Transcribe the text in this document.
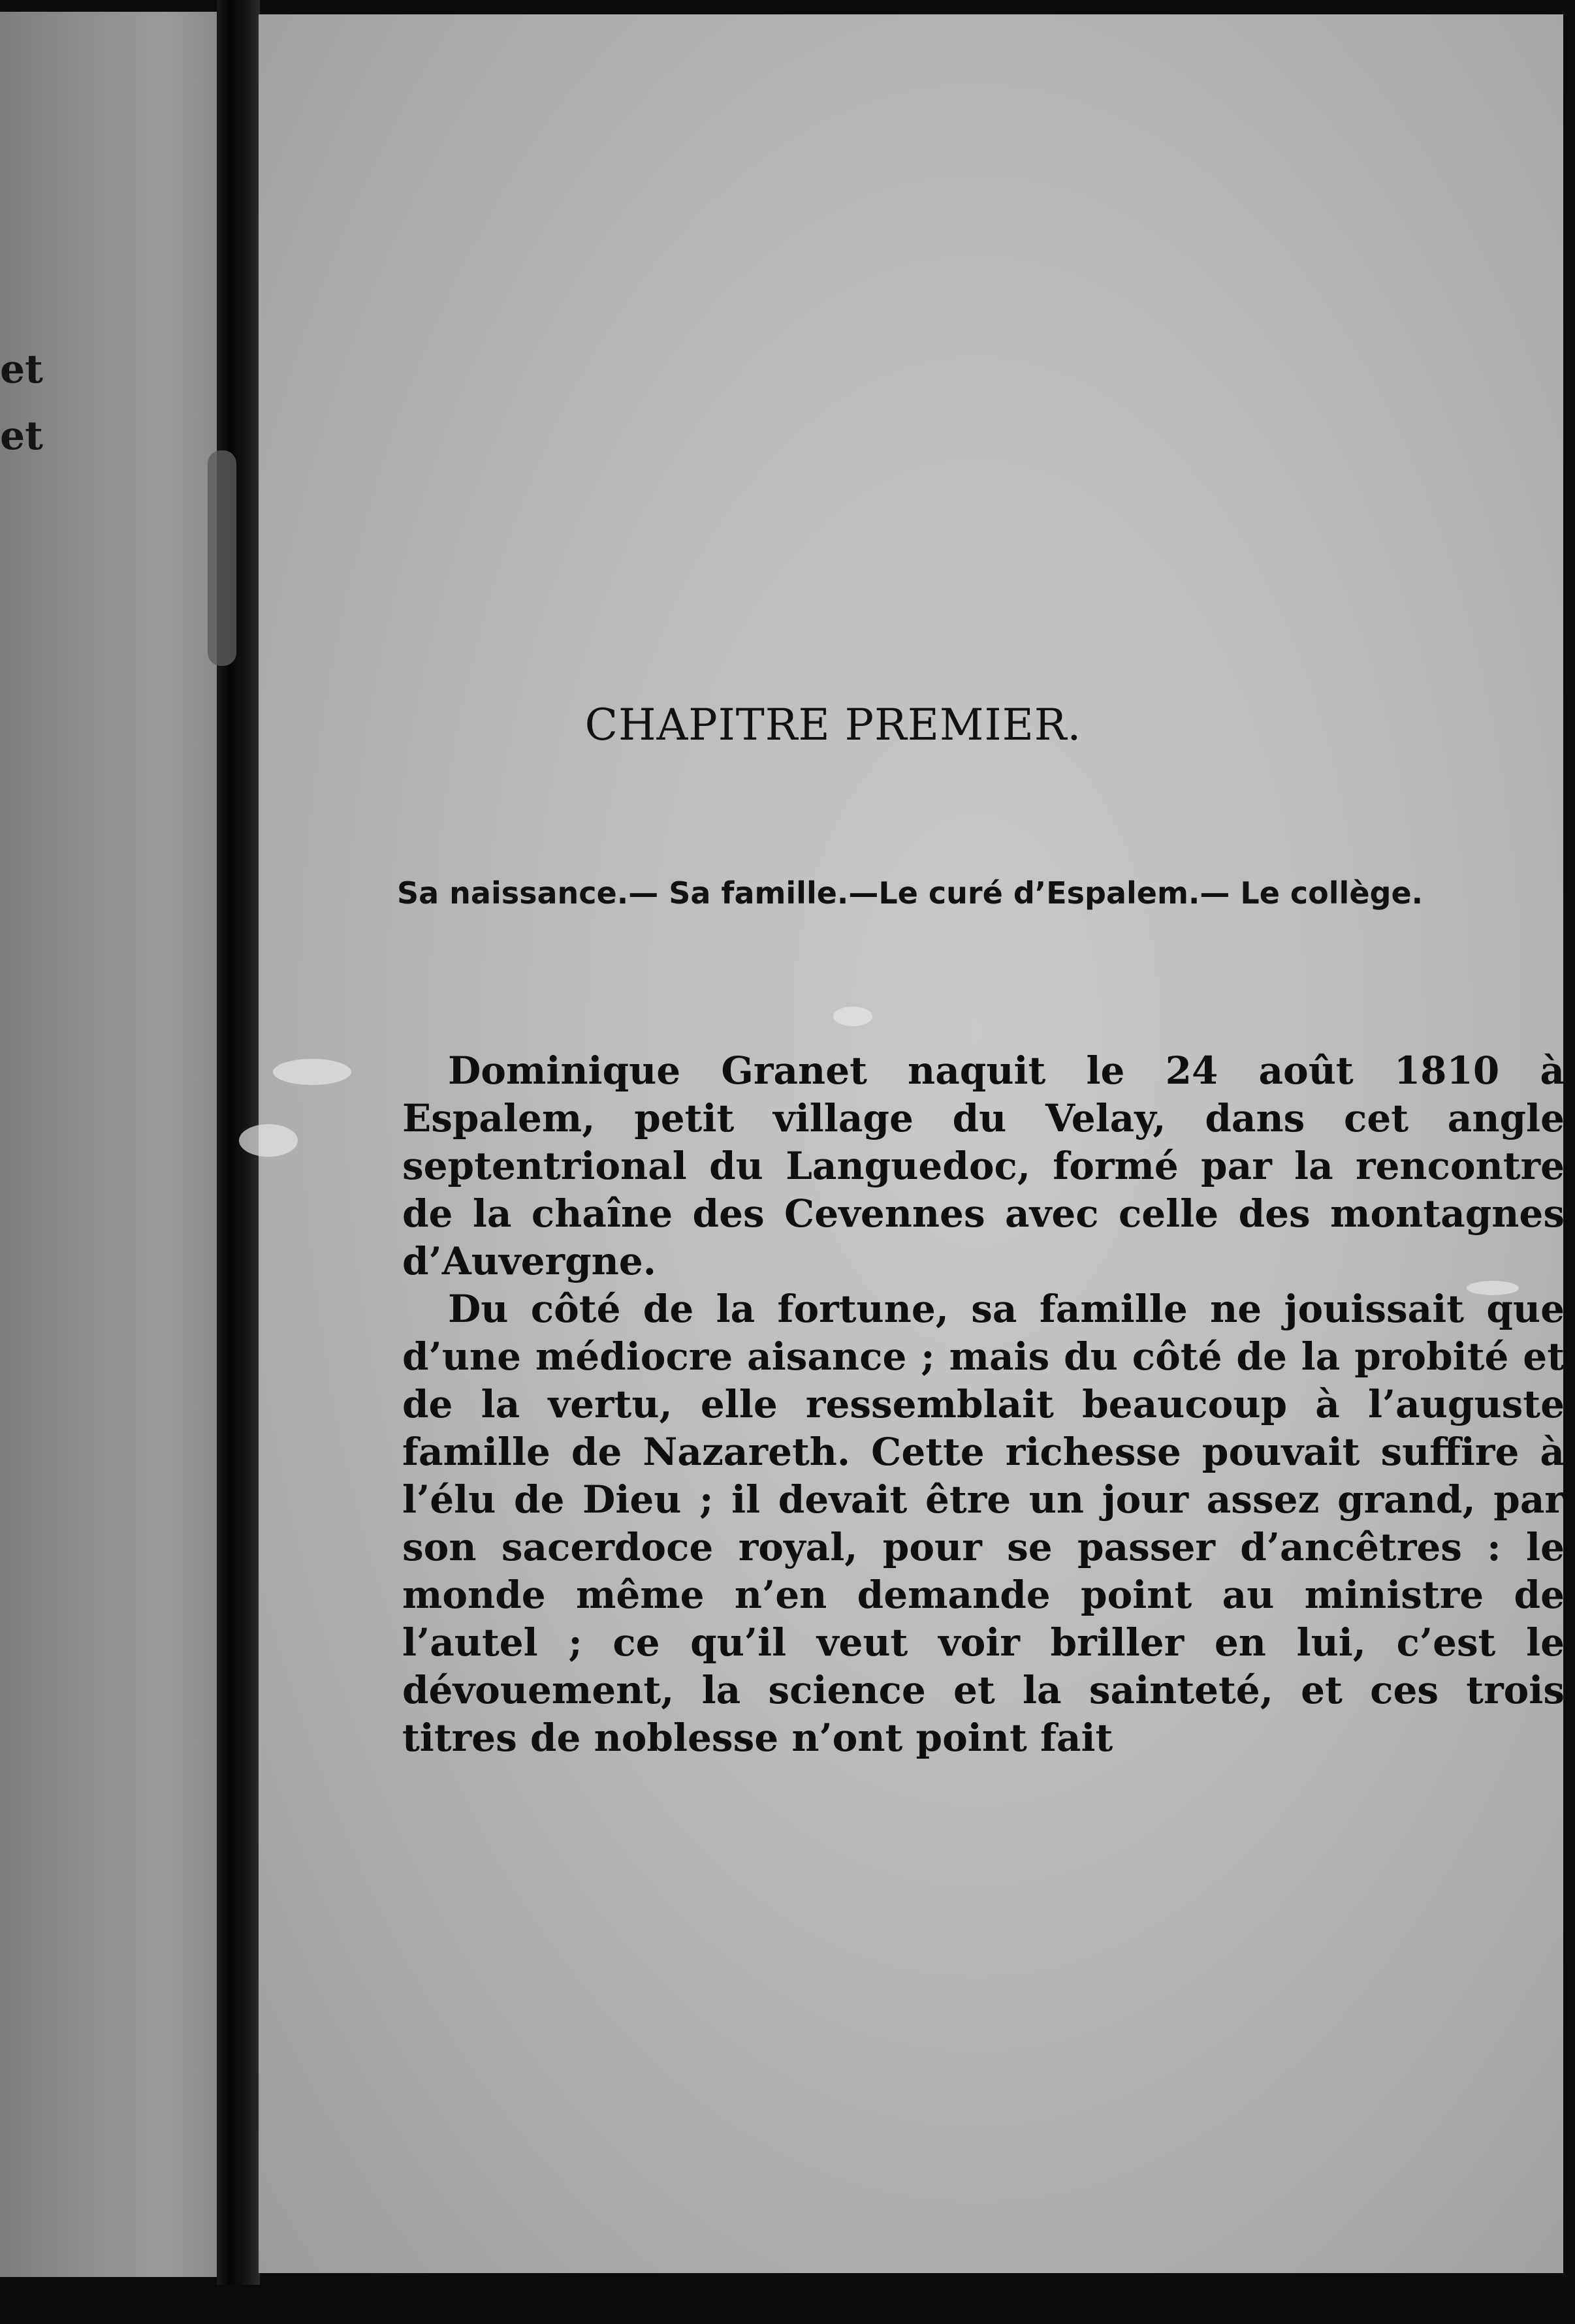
et
et
CHAPITRE PREMIER.
Sa naissance.— Sa famille.—Le curé d’Espalem.— Le collège.

Dominique Granet naquit le 24 août 1810 à Espalem, petit village du Velay, dans cet angle septentrional du Languedoc, formé par la rencontre de la chaîne des Cevennes avec celle des montagnes d’Auvergne.

Du côté de la fortune, sa famille ne jouissait que d’une médiocre aisance ; mais du côté de la probité et de la vertu, elle ressemblait beaucoup à l’auguste famille de Nazareth. Cette richesse pouvait suffire à l’élu de Dieu ; il devait être un jour assez grand, par son sacerdoce royal, pour se passer d’ancêtres : le monde même n’en demande point au ministre de l’autel ; ce qu’il veut voir briller en lui, c’est le dévouement, la science et la sainteté, et ces trois titres de noblesse n’ont point fait
